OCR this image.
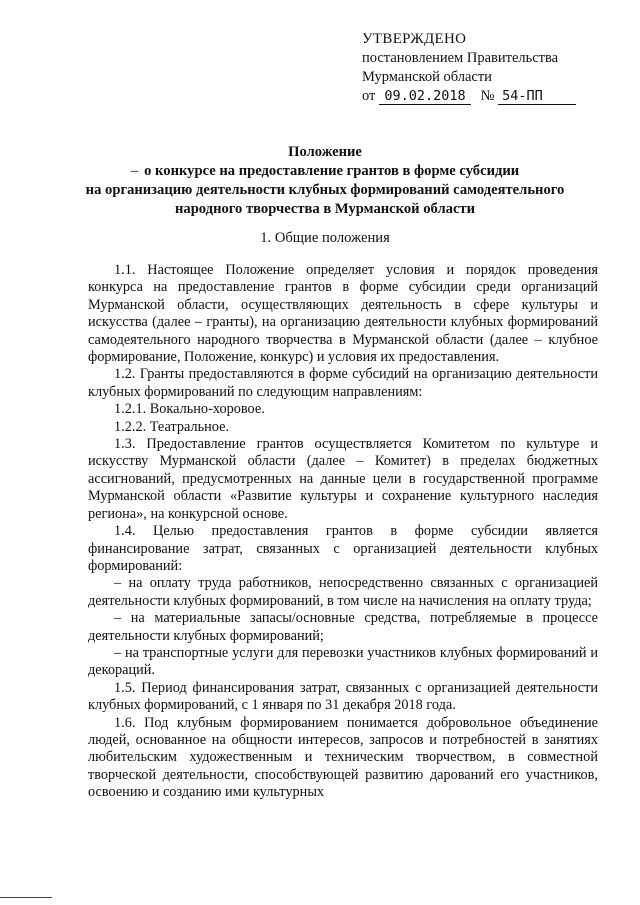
УТВЕРЖДЕНО
постановлением Правительства
Мурманской области
от 09.02.2018 № 54-ПП
Положение
– о конкурсе на предоставление грантов в форме субсидии
на организацию деятельности клубных формирований самодеятельного
народного творчества в Мурманской области
1. Общие положения

1.1. Настоящее Положение определяет условия и порядок проведения конкурса на предоставление грантов в форме субсидии среди организаций Мурманской области, осуществляющих деятельность в сфере культуры и искусства (далее – гранты), на организацию деятельности клубных формирований самодеятельного народного творчества в Мурманской области (далее – клубное формирование, Положение, конкурс) и условия их предоставления.

1.2. Гранты предоставляются в форме субсидий на организацию деятельности клубных формирований по следующим направлениям:

1.2.1. Вокально-хоровое.

1.2.2. Театральное.

1.3. Предоставление грантов осуществляется Комитетом по культуре и искусству Мурманской области (далее – Комитет) в пределах бюджетных ассигнований, предусмотренных на данные цели в государственной программе Мурманской области «Развитие культуры и сохранение культурного наследия региона», на конкурсной основе.

1.4. Целью предоставления грантов в форме субсидии является финансирование затрат, связанных с организацией деятельности клубных формирований:

– на оплату труда работников, непосредственно связанных с организацией деятельности клубных формирований, в том числе на начисления на оплату труда;

– на материальные запасы/основные средства, потребляемые в процессе деятельности клубных формирований;

– на транспортные услуги для перевозки участников клубных формирований и декораций.

1.5. Период финансирования затрат, связанных с организацией деятельности клубных формирований, с 1 января по 31 декабря 2018 года.

1.6. Под клубным формированием понимается добровольное объединение людей, основанное на общности интересов, запросов и потребностей в занятиях любительским художественным и техническим творчеством, в совместной творческой деятельности, способствующей развитию дарований его участников, освоению и созданию ими культурных
